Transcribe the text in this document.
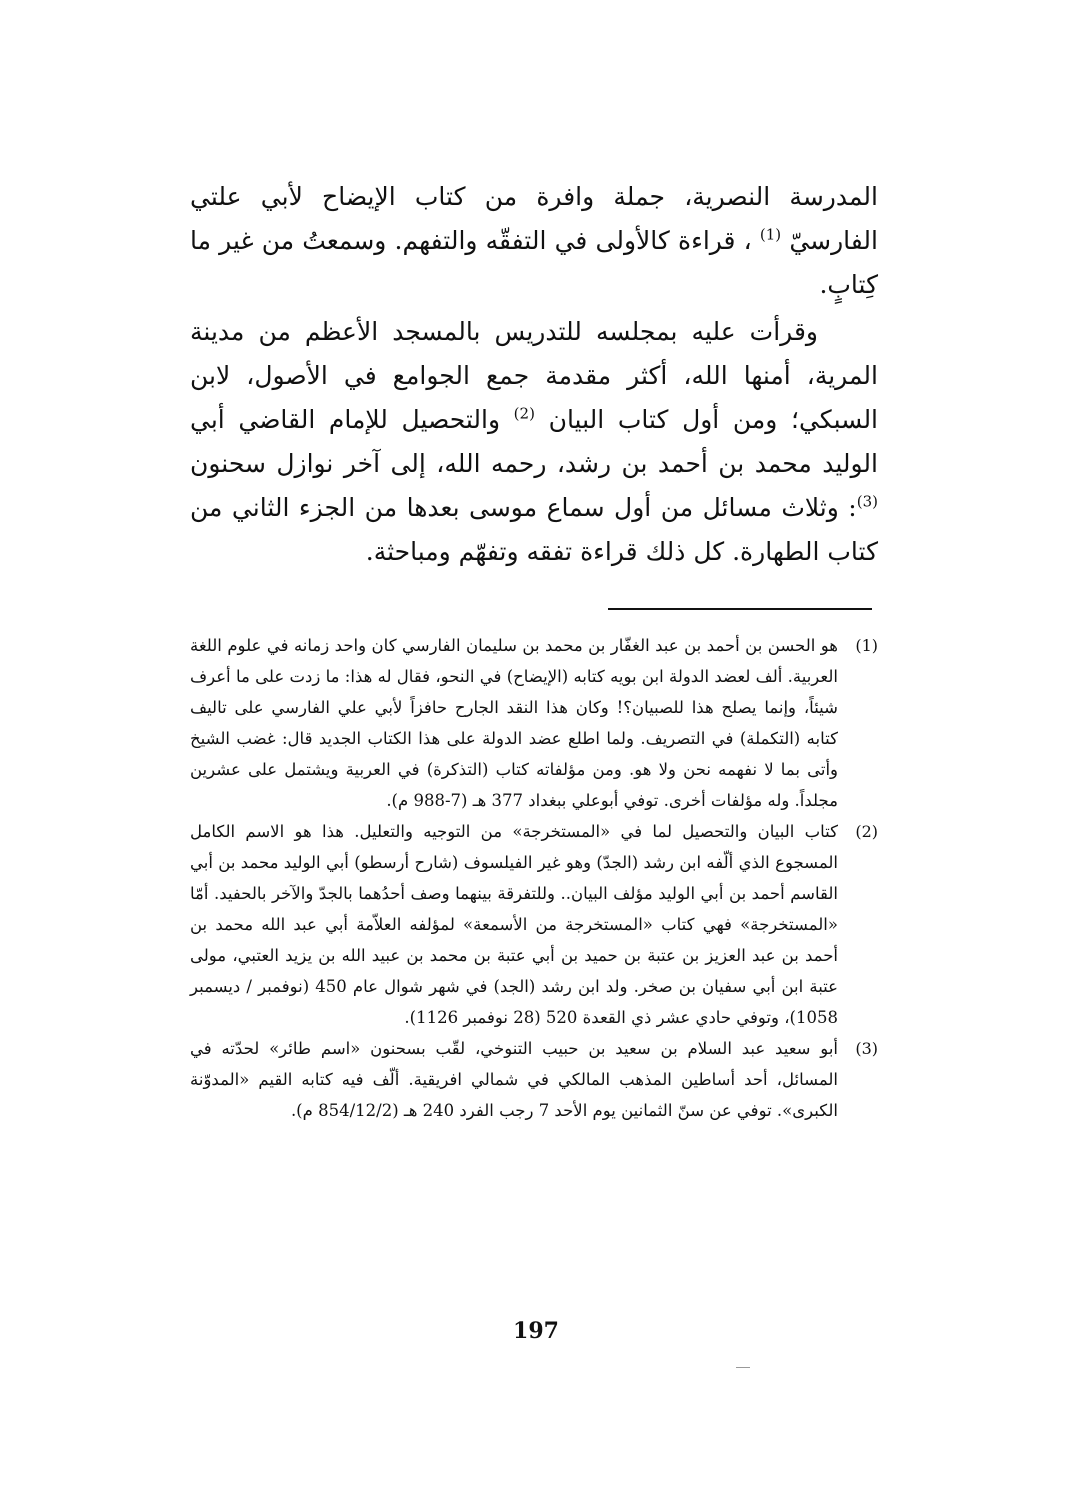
المدرسة النصرية، جملة وافرة من كتاب الإيضاح لأبي علتي الفارسيّ $^{(1)}$ ، قراءة كالأولى في التفقّه والتفهم. وسمعتُ من غير ما كِتابٍ.

وقرأت عليه بمجلسه للتدريس بالمسجد الأعظم من مدينة المرية، أمنها الله، أكثر مقدمة جمع الجوامع في الأصول، لابن السبكي؛ ومن أول كتاب البيان $^{(2)}$ والتحصيل للإمام القاضي أبي الوليد محمد بن أحمد بن رشد، رحمه الله، إلى آخر نوازل سحنون $^{(3)}$: وثلاث مسائل من أول سماع موسى بعدها من الجزء الثاني من كتاب الطهارة. كل ذلك قراءة تفقه وتفهّم ومباحثة.

(1)
هو الحسن بن أحمد بن عبد الغفّار بن محمد بن سليمان الفارسي كان واحد زمانه في علوم اللغة العربية. ألف لعضد الدولة ابن بويه كتابه (الإيضاح) في النحو، فقال له هذا: ما زدت على ما أعرف شيئاً، وإنما يصلح هذا للصبيان؟! وكان هذا النقد الجارح حافزاً لأبي علي الفارسي على تاليف كتابه (التكملة) في التصريف. ولما اطلع عضد الدولة على هذا الكتاب الجديد قال: غضب الشيخ وأتى بما لا نفهمه نحن ولا هو. ومن مؤلفاته كتاب (التذكرة) في العربية ويشتمل على عشرين مجلداً. وله مؤلفات أخرى. توفي أبوعلي ببغداد 377 هـ (7-988 م).
(2)
كتاب البيان والتحصيل لما في «المستخرجة» من التوجيه والتعليل. هذا هو الاسم الكامل المسجوع الذي ألّفه ابن رشد (الجدّ) وهو غير الفيلسوف (شارح أرسطو) أبي الوليد محمد بن أبي القاسم أحمد بن أبي الوليد مؤلف البيان.. وللتفرقة بينهما وصف أحدُهما بالجدّ والآخر بالحفيد. أمّا «المستخرجة» فهي كتاب «المستخرجة من الأسمعة» لمؤلفه العلاّمة أبي عبد الله محمد بن أحمد بن عبد العزيز بن عتبة بن حميد بن أبي عتبة بن محمد بن عبيد الله بن يزيد العتبي، مولى عتبة ابن أبي سفيان بن صخر. ولد ابن رشد (الجد) في شهر شوال عام 450 (نوفمبر / ديسمبر 1058)، وتوفي حادي عشر ذي القعدة 520 (28 نوفمبر 1126).
(3)
أبو سعيد عبد السلام بن سعيد بن حبيب التنوخي، لقّب بسحنون «اسم طائر» لحدّته في المسائل، أحد أساطين المذهب المالكي في شمالي افريقية. ألّف فيه كتابه القيم «المدوّنة الكبرى». توفي عن سنّ الثمانين يوم الأحد 7 رجب الفرد 240 هـ (854/12/2 م).
197
